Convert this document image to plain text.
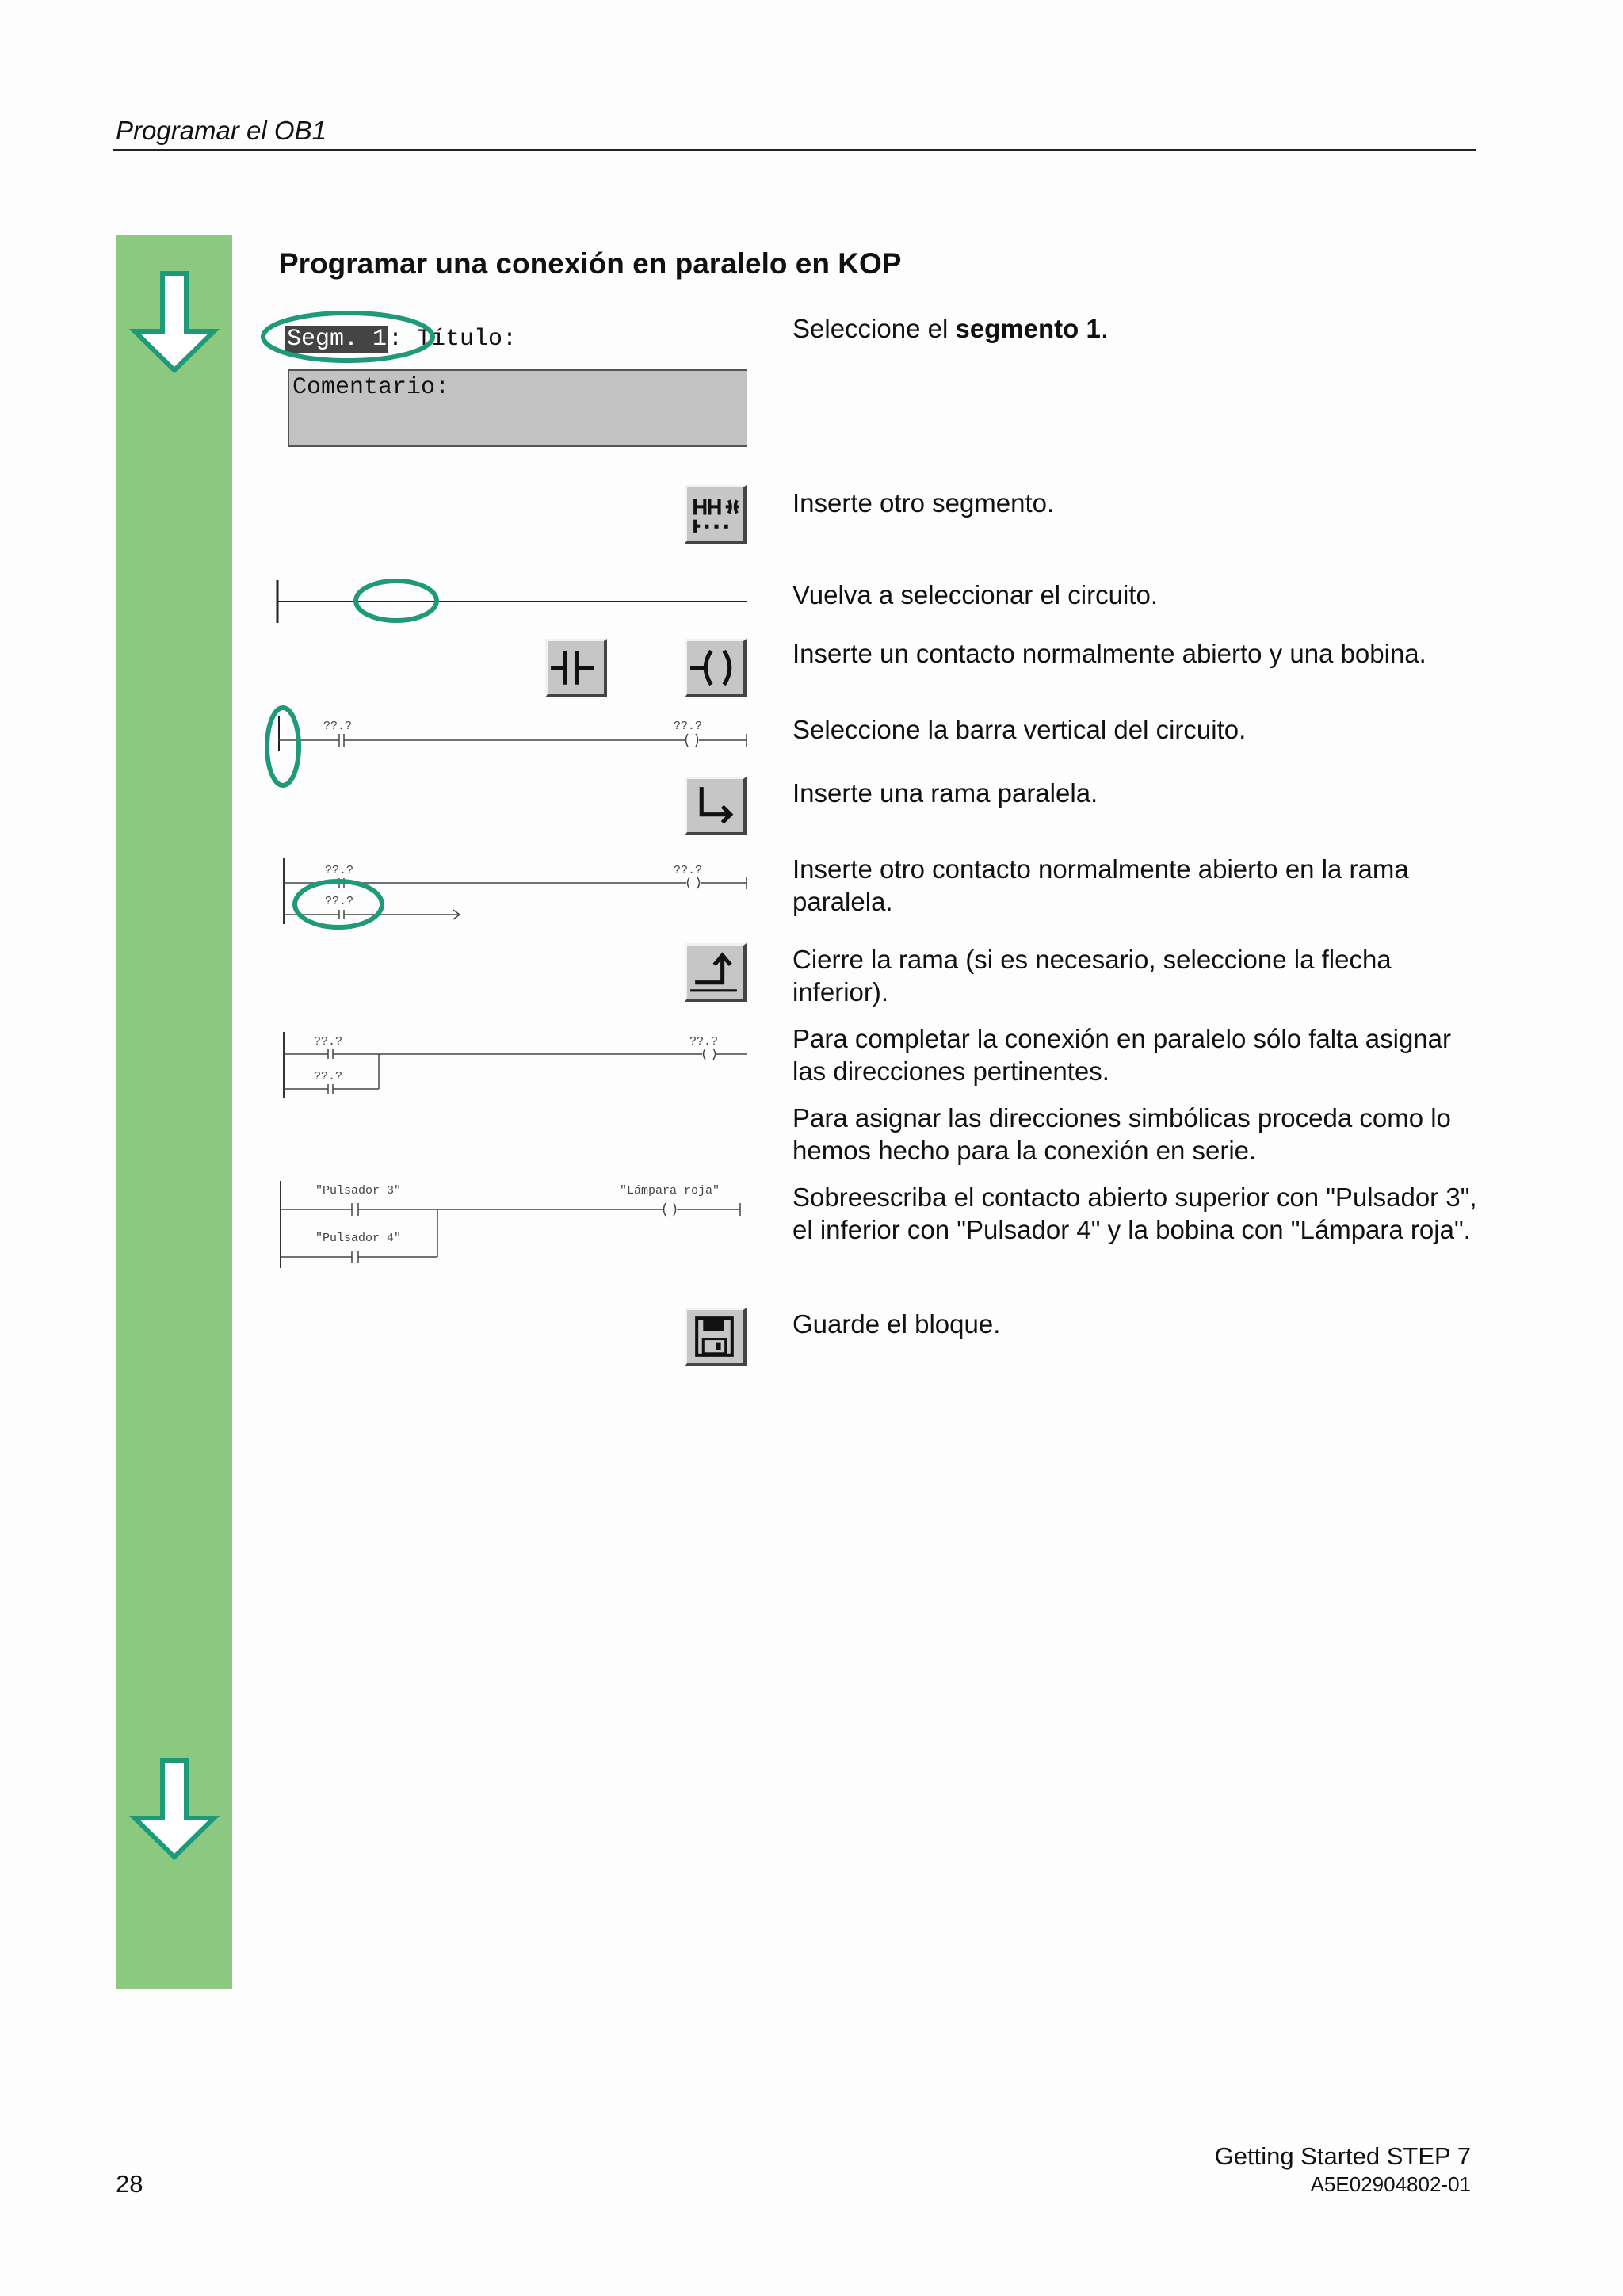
Programar el OB1
Programar una conexión en paralelo en KOP
Segm. 1: Título:
Comentario:
??.?	??.?
??.?
??.?
??.?
??.?
??.?
??.?
"Pulsador 3"
"Pulsador 4"
"Lámpara roja"
Seleccione el segmento 1.
Inserte otro segmento.
Vuelva a seleccionar el circuito.
Inserte un contacto normalmente abierto y una bobina.
Seleccione la barra vertical del circuito.
Inserte una rama paralela.
Inserte otro contacto normalmente abierto en la rama paralela.
Cierre la rama (si es necesario, seleccione la flecha inferior).
Para completar la conexión en paralelo sólo falta asignar las direcciones pertinentes.
Para asignar las direcciones simbólicas proceda como lo hemos hecho para la conexión en serie.
Sobreescriba el contacto abierto superior con "Pulsador 3", el inferior con "Pulsador 4" y la bobina con "Lámpara roja".
Guarde el bloque.
Getting Started STEP 7
A5E02904802-01
28
